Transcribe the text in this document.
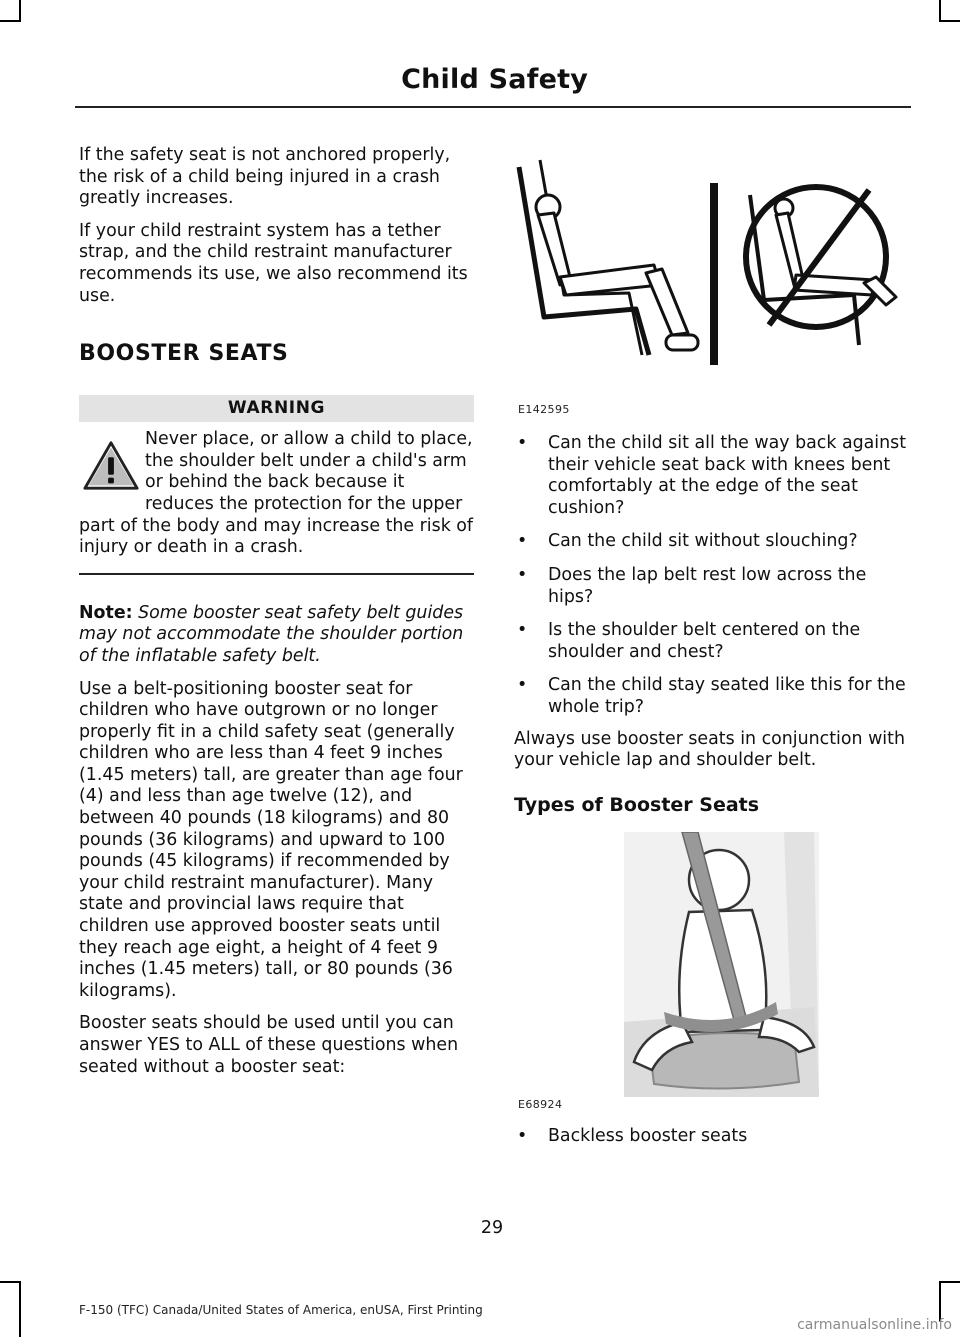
Child Safety

If the safety seat is not anchored properly, the risk of a child being injured in a crash greatly increases.

If your child restraint system has a tether strap, and the child restraint manufacturer recommends its use, we also recommend its use.

BOOSTER SEATS
WARNING

Never place, or allow a child to place, the shoulder belt under a child's arm or behind the back because it reduces the protection for the upper part of the body and may increase the risk of injury or death in a crash.

Note: Some booster seat safety belt guides may not accommodate the shoulder portion of the inflatable safety belt.

Use a belt-positioning booster seat for children who have outgrown or no longer properly fit in a child safety seat (generally children who are less than 4 feet 9 inches (1.45 meters) tall, are greater than age four (4) and less than age twelve (12), and between 40 pounds (18 kilograms) and 80 pounds (36 kilograms) and upward to 100 pounds (45 kilograms) if recommended by your child restraint manufacturer). Many state and provincial laws require that children use approved booster seats until they reach age eight, a height of 4 feet 9 inches (1.45 meters) tall, or 80 pounds (36 kilograms).

Booster seats should be used until you can answer YES to ALL of these questions when seated without a booster seat:

E142595
• Can the child sit all the way back against their vehicle seat back with knees bent comfortably at the edge of the seat cushion?
• Can the child sit without slouching?
• Does the lap belt rest low across the hips?
• Is the shoulder belt centered on the shoulder and chest?
• Can the child stay seated like this for the whole trip?

Always use booster seats in conjunction with your vehicle lap and shoulder belt.

Types of Booster Seats
E68924
• Backless booster seats
29
F-150 (TFC) Canada/United States of America, enUSA, First Printing
carmanualsonline.info
